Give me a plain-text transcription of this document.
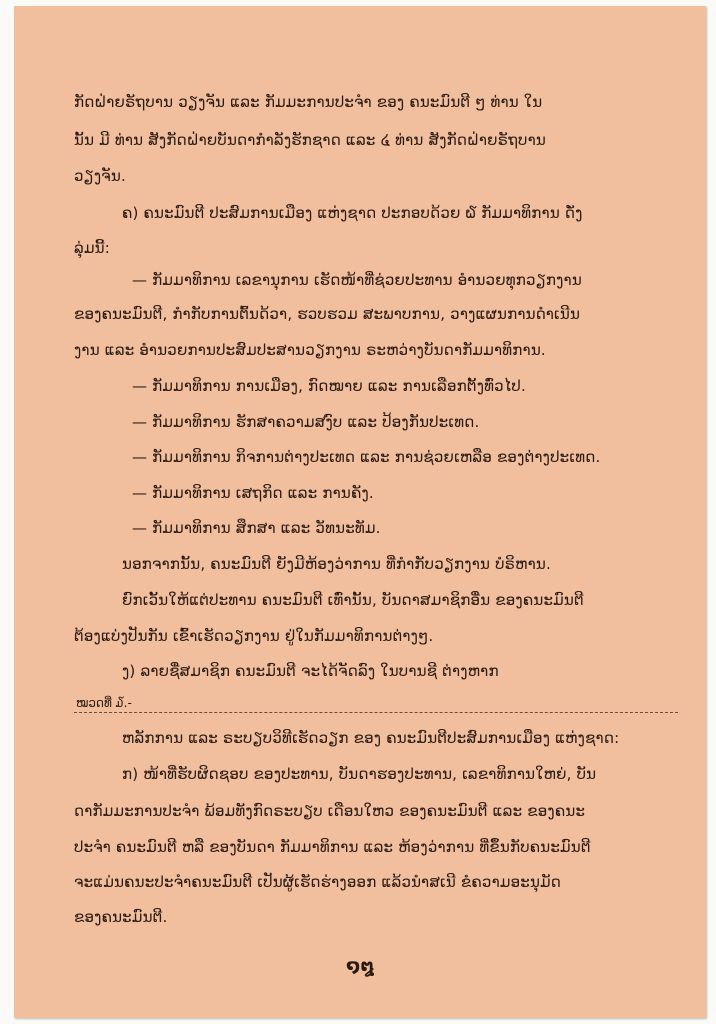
ກັດຝ່າຍຣັຖບານ ວຽງຈັນ ແລະ ກັມມະການປະຈຳ ຂອງ ຄນະມົນຕີ ໆ ທ່ານ ໃນ
ນັ້ນ ມີ ທ່ານ ສັງກັດຝ່າຍບັນດາກຳລັງຮັກຊາດ ແລະ ໔ ທ່ານ ສັງກັດຝ່າຍຣັຖບານ
ວຽງຈັນ.
ຄ) ຄນະມົນຕີ ປະສົມການເມືອງ ແຫ່ງຊາດ ປະກອບດ້ວຍ ໖ ກັມມາທິການ ດັ່ງ
ລຸ່ມນີ້:
— ກັມມາທິການ ເລຂານຸການ ເຮັດໜ້າທີ່ຊ່ວຍປະທານ ອຳນວຍທຸກວຽກງານ
ຂອງຄນະມົນຕີ, ກຳກັບການຕົ້ນດ້ວາ, ຮວບຮວມ ສະພາບການ, ວາງແຜນການດຳເນີນ
ງານ ແລະ ອຳນວຍການປະສົມປະສານວຽກງານ ຣະຫວ່າງບັນດາກັມມາທິການ.
— ກັມມາທິການ ການເມືອງ, ກົດໝາຍ ແລະ ການເລືອກຕັ້ງທົ່ວໄປ.
— ກັມມາທິການ ຮັກສາຄວາມສງົບ ແລະ ປ້ອງກັນປະເທດ.
— ກັມມາທິການ ກິຈການຕ່າງປະເທດ ແລະ ການຊ່ວຍເຫລືອ ຂອງຕ່າງປະເທດ.
— ກັມມາທິການ ເສຖກິດ ແລະ ການຄັງ.
— ກັມມາທິການ ສຶກສາ ແລະ ວັທນະທັມ.
ນອກຈາກນັ້ນ, ຄນະມົນຕີ ຍັງມີຫ້ອງວ່າການ ທີ່ກຳກັບວຽກງານ ບໍຣິຫານ.
ຍົກເວັ້ນໃຫ້ແຕ່ປະທານ ຄນະມົນຕີ ເທົ່ານັ້ນ, ບັນດາສມາຊິກອື່ນ ຂອງຄນະມົນຕີ
ຕ້ອງແບ່ງປັນກັນ ເຂົ້າເຮັດວຽກງານ ຢູ່ໃນກັມມາທິການຕ່າງໆ.
ງ) ລາຍຊື່ສມາຊິກ ຄນະມົນຕີ ຈະໄດ້ຈັດລົງ ໃນບານຊີ ຕ່າງຫາກ
ໝວດທີ່ ໓.-
ຫລັກການ ແລະ ຣະບຽບວິທີເຮັດວຽກ ຂອງ ຄນະມົນຕີປະສົມການເມືອງ ແຫ່ງຊາດ:
ກ) ໜ້າທີ່ຮັບຜິດຊອບ ຂອງປະທານ, ບັນດາຮອງປະທານ, ເລຂາທິການໃຫຍ່, ບັນ
ດາກັມມະການປະຈຳ ພ້ອມທັງກົດຣະບຽບ ເດືອນໃຫວ ຂອງຄນະມົນຕີ ແລະ ຂອງຄນະ
ປະຈຳ ຄນະມົນຕີ ຫລື ຂອງບັນດາ ກັມມາທິການ ແລະ ຫ້ອງວ່າການ ທີ່ຂຶ້ນກັບຄນະມົນຕີ
ຈະແມ່ນຄນະປະຈຳຄນະມົນຕີ ເປັນຜູ້ເຮັດຮ່າງອອກ ແລ້ວນຳສເນີ ຂໍຄວາມອະນຸມັດ
ຂອງຄນະມົນຕີ.
໑໘
